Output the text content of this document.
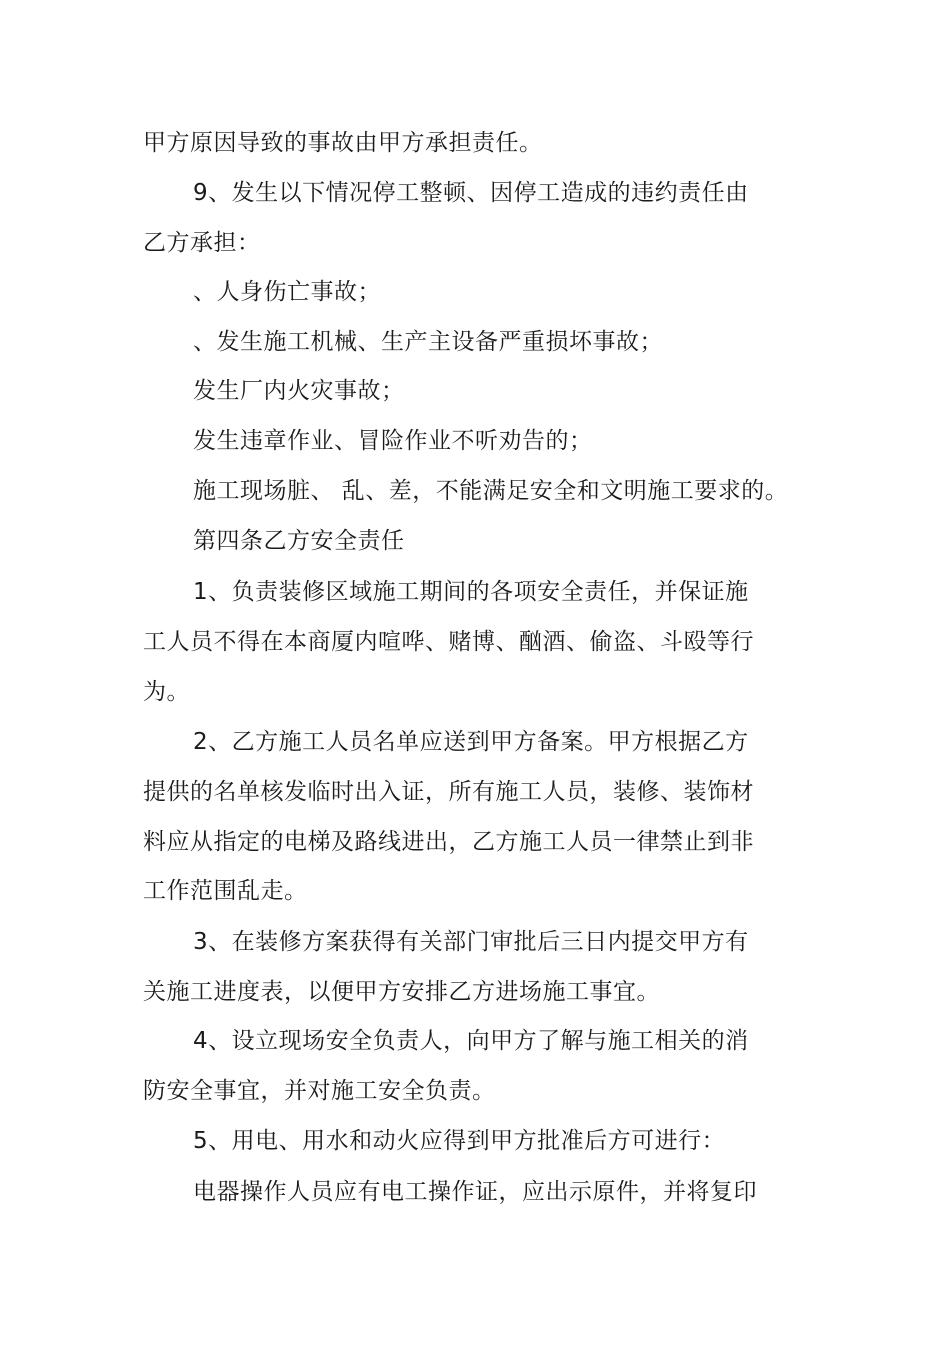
甲方原因导致的事故由甲方承担责任。
9、发生以下情况停工整顿、因停工造成的违约责任由
乙方承担：
、人身伤亡事故；
、发生施工机械、生产主设备严重损坏事故；
发生厂内火灾事故；
发生违章作业、冒险作业不听劝告的；
施工现场脏、 乱、差，不能满足安全和文明施工要求的。
第四条乙方安全责任
1、负责装修区域施工期间的各项安全责任，并保证施
工人员不得在本商厦内喧哗、赌博、酗酒、偷盗、斗殴等行
为。
2、乙方施工人员名单应送到甲方备案。甲方根据乙方
提供的名单核发临时出入证，所有施工人员，装修、装饰材
料应从指定的电梯及路线进出，乙方施工人员一律禁止到非
工作范围乱走。
3、在装修方案获得有关部门审批后三日内提交甲方有
关施工进度表，以便甲方安排乙方进场施工事宜。
4、设立现场安全负责人，向甲方了解与施工相关的消
防安全事宜，并对施工安全负责。
5、用电、用水和动火应得到甲方批准后方可进行：
电器操作人员应有电工操作证，应出示原件，并将复印
